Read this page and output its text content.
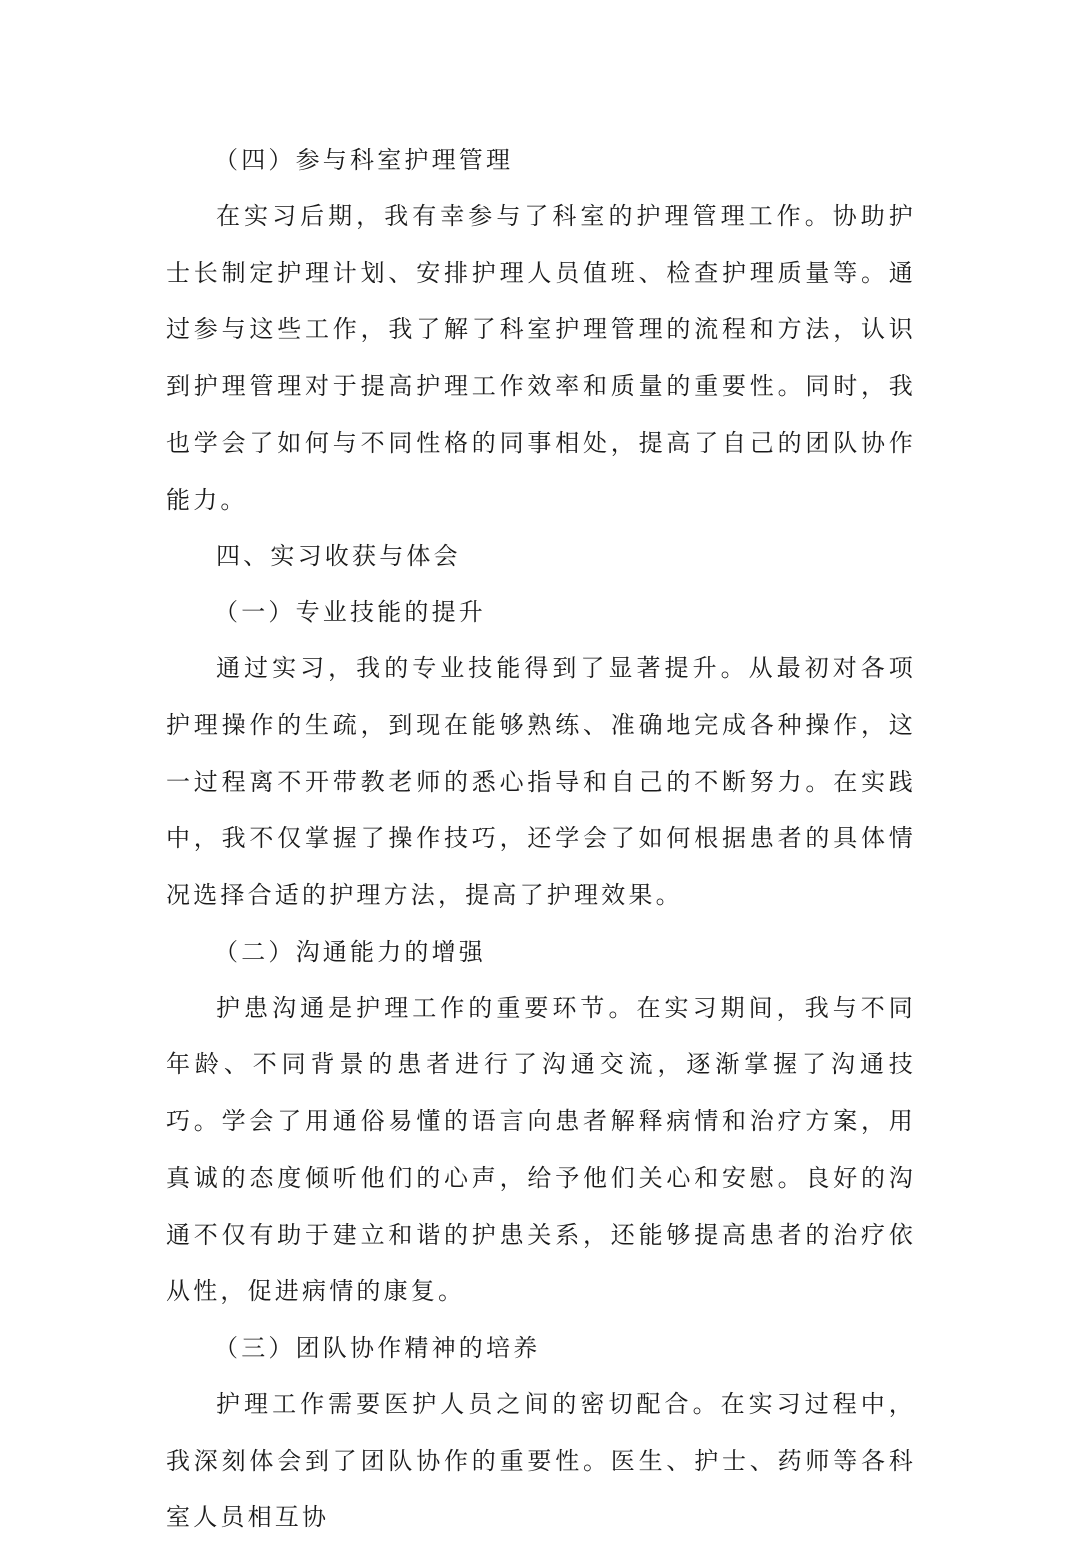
（四）参与科室护理管理

在实习后期，我有幸参与了科室的护理管理工作。协助护士长制定护理计划、安排护理人员值班、检查护理质量等。通过参与这些工作，我了解了科室护理管理的流程和方法，认识到护理管理对于提高护理工作效率和质量的重要性。同时，我也学会了如何与不同性格的同事相处，提高了自己的团队协作能力。

四、实习收获与体会
（一）专业技能的提升

通过实习，我的专业技能得到了显著提升。从最初对各项护理操作的生疏，到现在能够熟练、准确地完成各种操作，这一过程离不开带教老师的悉心指导和自己的不断努力。在实践中，我不仅掌握了操作技巧，还学会了如何根据患者的具体情况选择合适的护理方法，提高了护理效果。

（二）沟通能力的增强

护患沟通是护理工作的重要环节。在实习期间，我与不同年龄、不同背景的患者进行了沟通交流，逐渐掌握了沟通技巧。学会了用通俗易懂的语言向患者解释病情和治疗方案，用真诚的态度倾听他们的心声，给予他们关心和安慰。良好的沟通不仅有助于建立和谐的护患关系，还能够提高患者的治疗依从性，促进病情的康复。

（三）团队协作精神的培养

护理工作需要医护人员之间的密切配合。在实习过程中，我深刻体会到了团队协作的重要性。医生、护士、药师等各科室人员相互协
